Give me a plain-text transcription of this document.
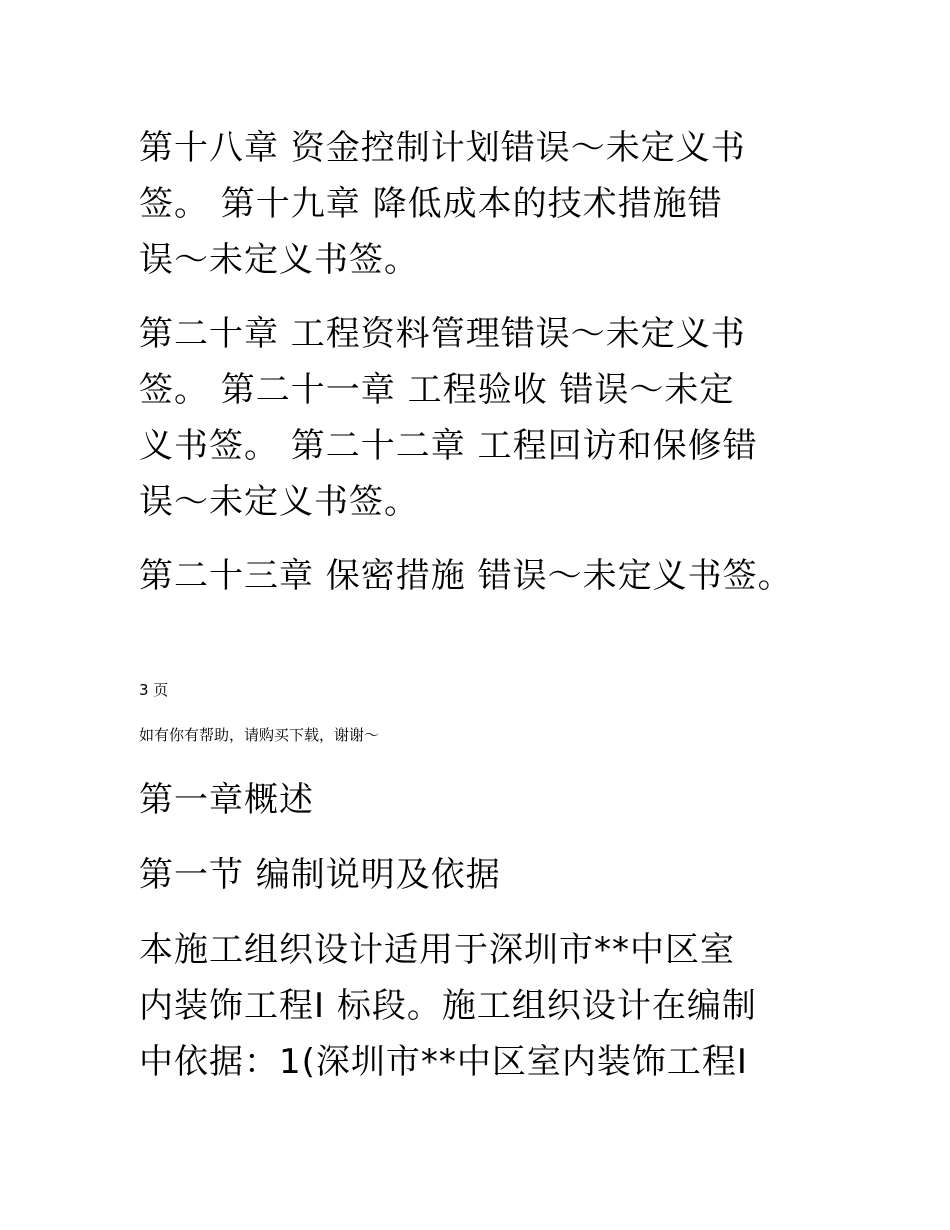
第十八章 资金控制计划错误～未定义书

签。 第十九章 降低成本的技术措施错

误～未定义书签。

第二十章 工程资料管理错误～未定义书

签。 第二十一章 工程验收 错误～未定

义书签。 第二十二章 工程回访和保修错

误～未定义书签。

第二十三章 保密措施 错误～未定义书签。

3 页

如有你有帮助，请购买下载，谢谢～

第一章概述

第一节 编制说明及依据

本施工组织设计适用于深圳市**中区室

内装饰工程Ⅰ 标段。施工组织设计在编制

中依据：1(深圳市**中区室内装饰工程Ⅰ
